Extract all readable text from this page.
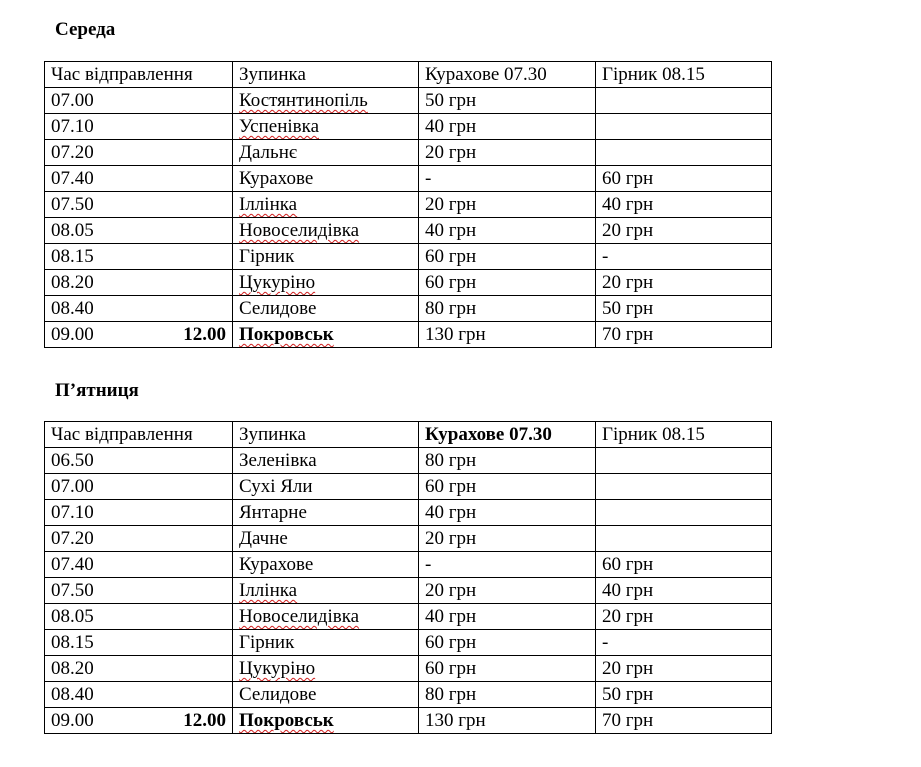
Середа
Час відправлення	Зупинка	Курахове 07.30	Гірник 08.15
07.00	Костянтинопіль	50 грн	
07.10	Успенівка	40 грн	
07.20	Дальнє	20 грн	
07.40	Курахове	-	60 грн
07.50	Іллінка	20 грн	40 грн
08.05	Новоселидівка	40 грн	20 грн
08.15	Гірник	60 грн	-
08.20	Цукуріно	60 грн	20 грн
08.40	Селидове	80 грн	50 грн
09.00 12.00	Покровськ	130 грн	70 грн
П’ятниця
Час відправлення	Зупинка	Курахове 07.30	Гірник 08.15
06.50	Зеленівка	80 грн	
07.00	Сухі Яли	60 грн	
07.10	Янтарне	40 грн	
07.20	Дачне	20 грн	
07.40	Курахове	-	60 грн
07.50	Іллінка	20 грн	40 грн
08.05	Новоселидівка	40 грн	20 грн
08.15	Гірник	60 грн	-
08.20	Цукуріно	60 грн	20 грн
08.40	Селидове	80 грн	50 грн
09.00 12.00	Покровськ	130 грн	70 грн
